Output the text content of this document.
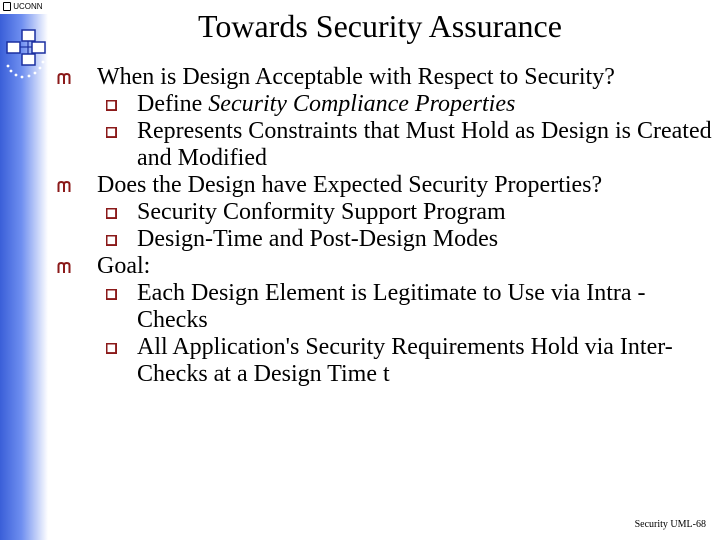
UCONN
Towards Security Assurance
When is Design Acceptable with Respect to Security?
Define Security Compliance Properties
Represents Constraints that Must Hold as Design is Created and Modified
Does the Design have Expected Security Properties?
Security Conformity Support Program
Design-Time and Post-Design Modes
Goal:
Each Design Element is Legitimate to Use via Intra -Checks
All Application's Security Requirements Hold via Inter-Checks at a Design Time t
Security UML-68
